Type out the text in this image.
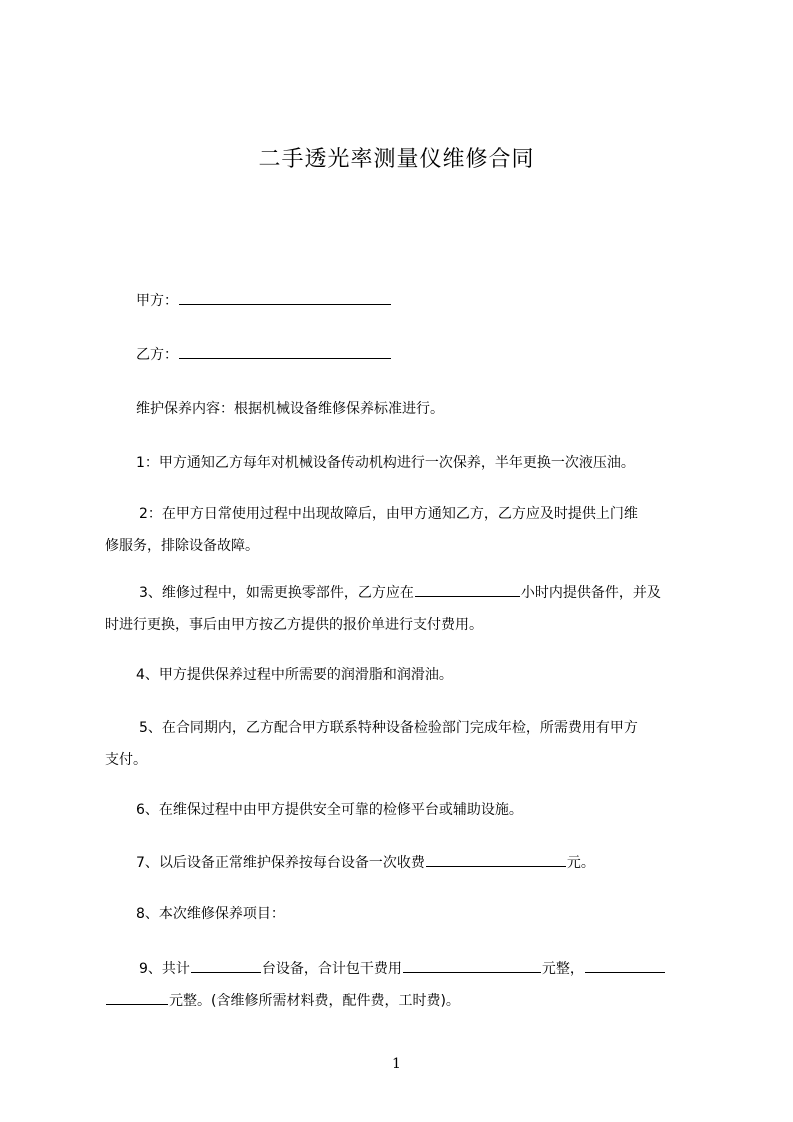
二手透光率测量仪维修合同
甲方：
乙方：
维护保养内容：根据机械设备维修保养标准进行。
1：甲方通知乙方每年对机械设备传动机构进行一次保养，半年更换一次液压油。
2：在甲方日常使用过程中出现故障后，由甲方通知乙方，乙方应及时提供上门维
修服务，排除设备故障。
3、维修过程中，如需更换零部件，乙方应在	小时内提供备件，并及
时进行更换，事后由甲方按乙方提供的报价单进行支付费用。
4、甲方提供保养过程中所需要的润滑脂和润滑油。
5、在合同期内，乙方配合甲方联系特种设备检验部门完成年检，所需费用有甲方
支付。
6、在维保过程中由甲方提供安全可靠的检修平台或辅助设施。
7、以后设备正常维护保养按每台设备一次收费	元。
8、本次维修保养项目：
9、共计	台设备，合计包干费用	元整，
元整。(含维修所需材料费，配件费，工时费)。
1
